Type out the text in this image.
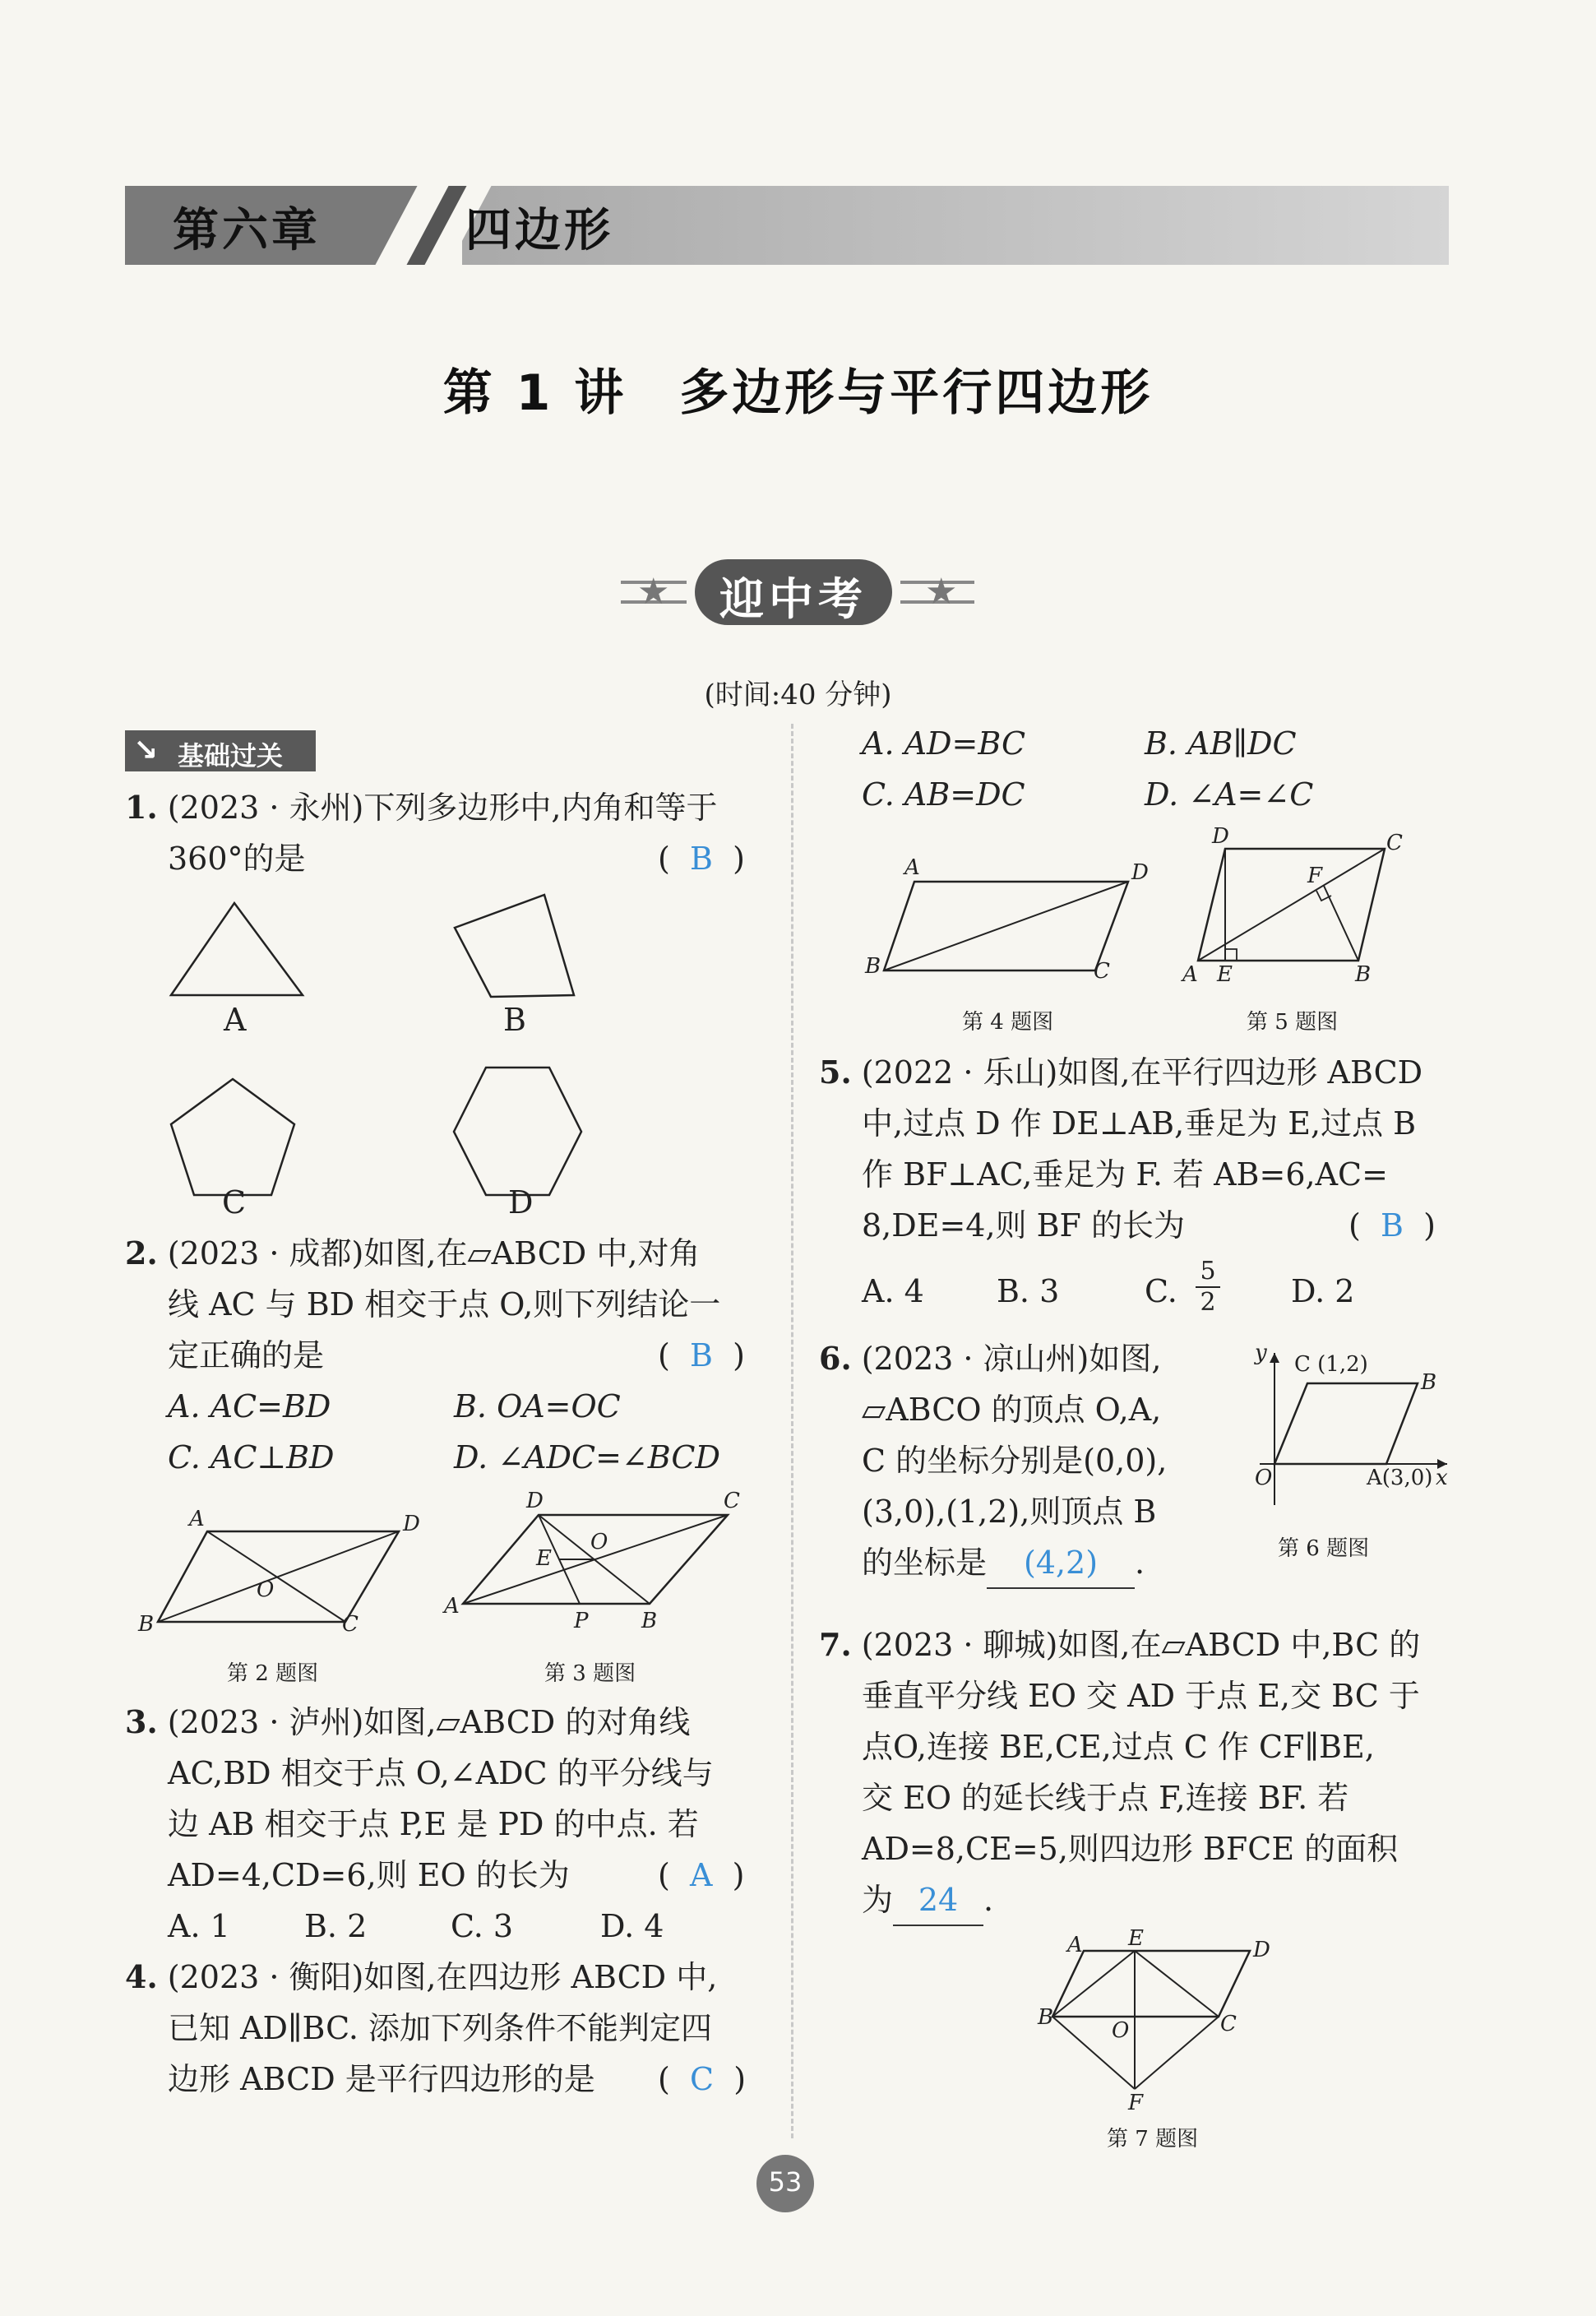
第六章	四边形
第 1 讲　多边形与平行四边形
★	★
迎中考
(时间:40 分钟)
↘ 基础过关
1. (2023 · 永州)下列多边形中,内角和等于
360°的是	( B )
A	B
C	D
2. (2023 · 成都)如图,在▱ABCD 中,对角
线 AC 与 BD 相交于点 O,则下列结论一
定正确的是	(  B  )
A. AC=BD	B. OA=OC
C. AC⊥BD	D. ∠ADC=∠BCD
A	D
B	C
O
第 2 题图
D	C
A
B
P
E
O
第 3 题图
3. (2023 · 泸州)如图,▱ABCD 的对角线
AC,BD 相交于点 O,∠ADC 的平分线与
边 AB 相交于点 P,E 是 PD 的中点. 若
AD=4,CD=6,则 EO 的长为	(  A  )
A. 1 B. 2	C. 3	D. 4
4. (2023 · 衡阳)如图,在四边形 ABCD 中,
已知 AD∥BC. 添加下列条件不能判定四
边形 ABCD 是平行四边形的是 (  C  )
A. AD=BC	B. AB∥DC
C. AB=DC	D. ∠A=∠C
A	D
B	C
第 4 题图
D	C
F
A E	B
第 5 题图
5. (2022 · 乐山)如图,在平行四边形 ABCD
中,过点 D 作 DE⊥AB,垂足为 E,过点 B
作 BF⊥AC,垂足为 F. 若 AB=6,AC=
8,DE=4,则 BF 的长为	(  B  )
A. 4 B. 3	C. $\frac{5}{2} D$. 2
6. (2023 · 凉山州)如图,
▱ABCO 的顶点 O,A,
C 的坐标分别是(0,0),
(3,0),(1,2),则顶点 B
的坐标是 (4,2) .
y C (1,2)
B
O	A(3,0) x
第 6 题图
7. (2023 · 聊城)如图,在▱ABCD 中,BC 的
垂直平分线 EO 交 AD 于点 E,交 BC 于
点O,连接 BE,CE,过点 C 作 CF∥BE,
交 EO 的延长线于点 F,连接 BF. 若
AD=8,CE=5,则四边形 BFCE 的面积
为 24 .
A E	D
B
O	C
F
第 7 题图
53
